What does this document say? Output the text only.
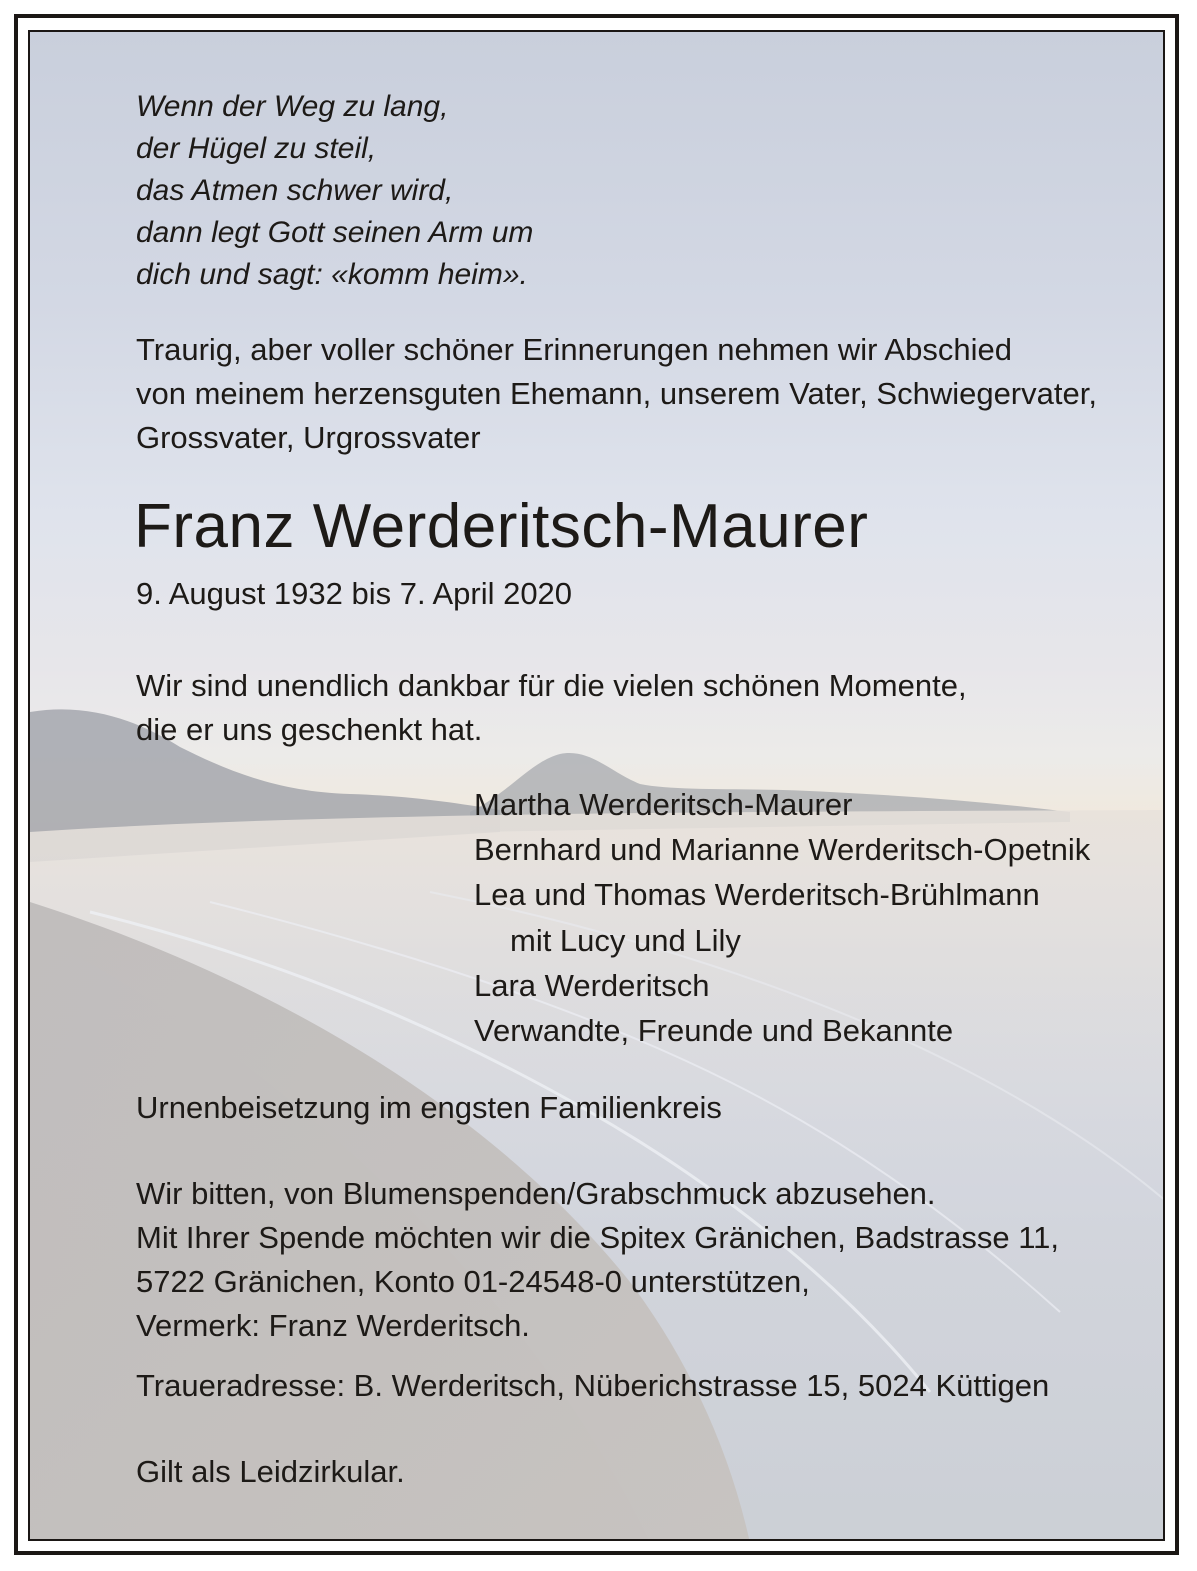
Wenn der Weg zu lang,
der Hügel zu steil,
das Atmen schwer wird,
dann legt Gott seinen Arm um
dich und sagt: «komm heim».
Traurig, aber voller schöner Erinnerungen nehmen wir Abschied
von meinem herzensguten Ehemann, unserem Vater, Schwiegervater,
Grossvater, Urgrossvater
Franz Werderitsch-Maurer
9. August 1932 bis 7. April 2020
Wir sind unendlich dankbar für die vielen schönen Momente,
die er uns geschenkt hat.
Martha Werderitsch-Maurer
Bernhard und Marianne Werderitsch-Opetnik
Lea und Thomas Werderitsch-Brühlmann
mit Lucy und Lily
Lara Werderitsch
Verwandte, Freunde und Bekannte
Urnenbeisetzung im engsten Familienkreis
Wir bitten, von Blumenspenden/Grabschmuck abzusehen.
Mit Ihrer Spende möchten wir die Spitex Gränichen, Badstrasse 11,
5722 Gränichen, Konto 01-24548-0 unterstützen,
Vermerk: Franz Werderitsch.
Traueradresse: B. Werderitsch, Nüberichstrasse 15, 5024 Küttigen
Gilt als Leidzirkular.
